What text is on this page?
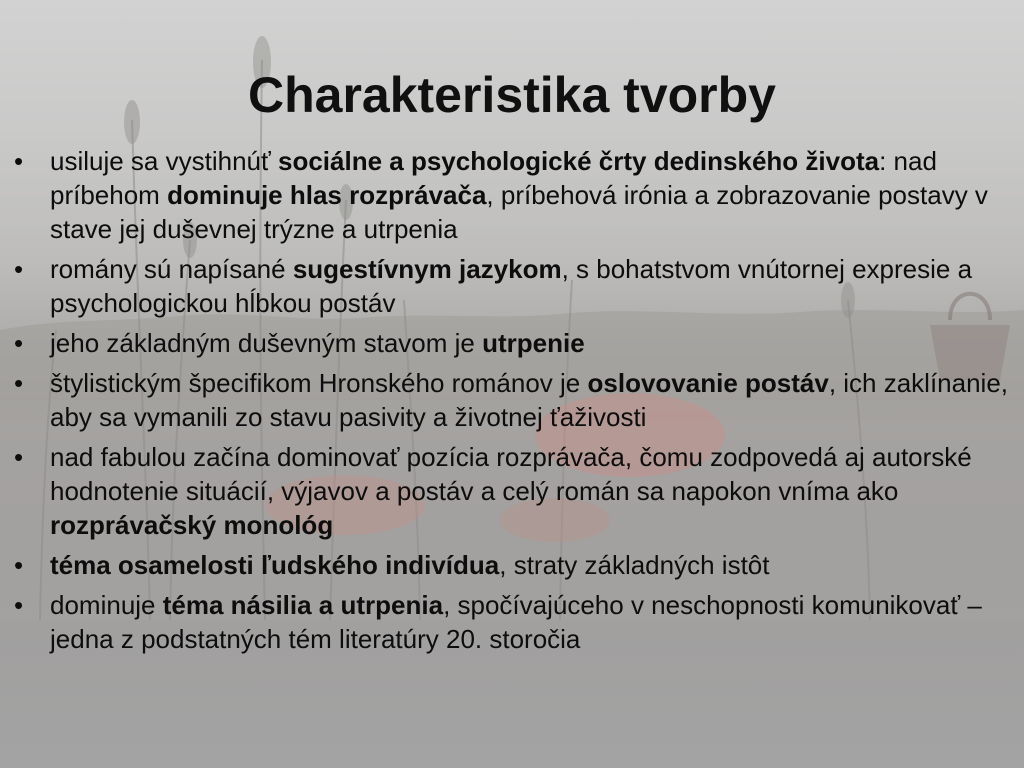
Charakteristika tvorby
• usiluje sa vystihnúť sociálne a psychologické črty dedinského života: nad príbehom dominuje hlas rozprávača, príbehová irónia a zobrazovanie postavy v stave jej duševnej trýzne a utrpenia
• romány sú napísané sugestívnym jazykom, s bohatstvom vnútornej expresie a psychologickou hĺbkou postáv
• jeho základným duševným stavom je utrpenie
• štylistickým špecifikom Hronského románov je oslovovanie postáv, ich zaklínanie, aby sa vymanili zo stavu pasivity a životnej ťaživosti
• nad fabulou začína dominovať pozícia rozprávača, čomu zodpovedá aj autorské hodnotenie situácií, výjavov a postáv a celý román sa napokon vníma ako rozprávačský monológ
• téma osamelosti ľudského indivídua, straty základných istôt
• dominuje téma násilia a utrpenia, spočívajúceho v neschopnosti komunikovať – jedna z podstatných tém literatúry 20. storočia
